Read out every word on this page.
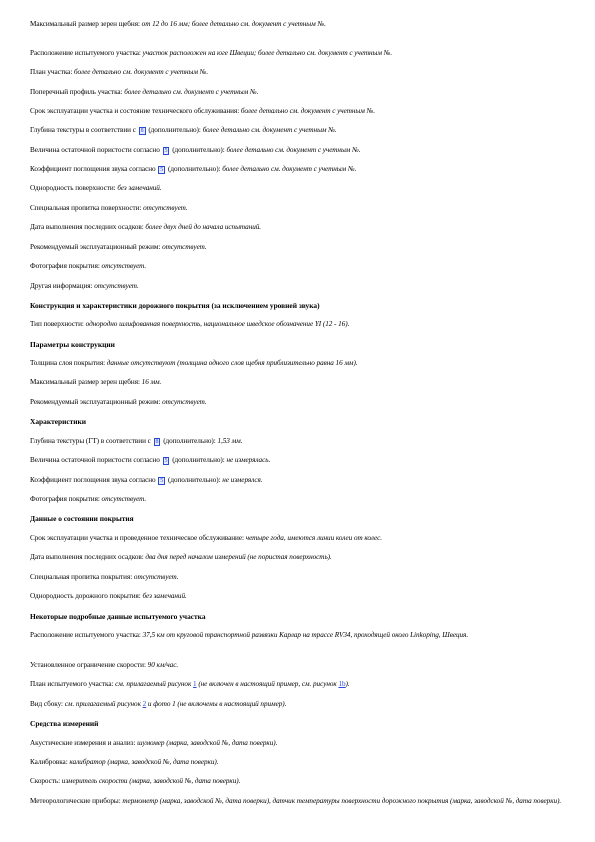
Максимальный размер зерен щебня: от 12 до 16 мм; более детально см. документ с учетным №.
Расположение испытуемого участка: участок расположен на юге Швеции; более детально см. документ с учетным №.
План участка: более детально см. документ с учетным №.
Поперечный профиль участка: более детально см. документ с учетным №.
Срок эксплуатации участка и состояние технического обслуживания: более детально см. документ с учетным №.
Глубина текстуры в соответствии с 8 (дополнительно): более детально см. документ с учетным №.
Величина остаточной пористости согласно 5 (дополнительно): более детально см. документ с учетным №.
Коэффициент поглощения звука согласно 5 (дополнительно): более детально см. документ с учетным №.
Однородность поверхности: без замечаний.
Специальная пропитка поверхности: отсутствует.
Дата выполнения последних осадков: более двух дней до начала испытаний.
Рекомендуемый эксплуатационный режим: отсутствует.
Фотография покрытия: отсутствует.
Другая информация: отсутствует.
Конструкция и характеристики дорожного покрытия (за исключением уровней звука)
Тип поверхности: однородно шлифованная поверхность, национальное шведское обозначение YI (12 - 16).
Параметры конструкции
Толщина слоя покрытия: данные отсутствуют (толщина одного слоя щебня приблизительно равна 16 мм).
Максимальный размер зерен щебня: 16 мм.
Рекомендуемый эксплуатационный режим: отсутствует.
Характеристики
Глубина текстуры (ГТ) в соответствии с 8 (дополнительно): 1,53 мм.
Величина остаточной пористости согласно 5 (дополнительно): не измерялась.
Коэффициент поглощения звука согласно 5 (дополнительно): не измерялся.
Фотография покрытия: отсутствует.
Данные о состоянии покрытия
Срок эксплуатации участка и проведенное техническое обслуживание: четыре года, имеются линии колеи от колес.
Дата выполнения последних осадков: два дня перед началом измерений (не пористая поверхность).
Специальная пропитка покрытия: отсутствует.
Однородность дорожного покрытия: без замечаний.
Некоторые подробные данные испытуемого участка
Расположение испытуемого участка: 37,5 км от круговой транспортной развязки Карлар на трассе RV34, проходящей около Linkoping, Швеция.
Установленное ограничение скорости: 90 км/час.
План испытуемого участка: см. прилагаемый рисунок 1 (не включен в настоящий пример, см. рисунок 1b).
Вид сбоку: см. прилагаемый рисунок 2 и фото 1 (не включены в настоящий пример).
Средства измерений
Акустические измерения и анализ: шумомер (марка, заводской №, дата поверки).
Калибровка: калибратор (марка, заводской №, дата поверки).
Скорость: измеритель скорости (марка, заводской №, дата поверки).
Метеорологические приборы: термометр (марка, заводской №, дата поверки), датчик температуры поверхности дорожного покрытия (марка, заводской №, дата поверки).
